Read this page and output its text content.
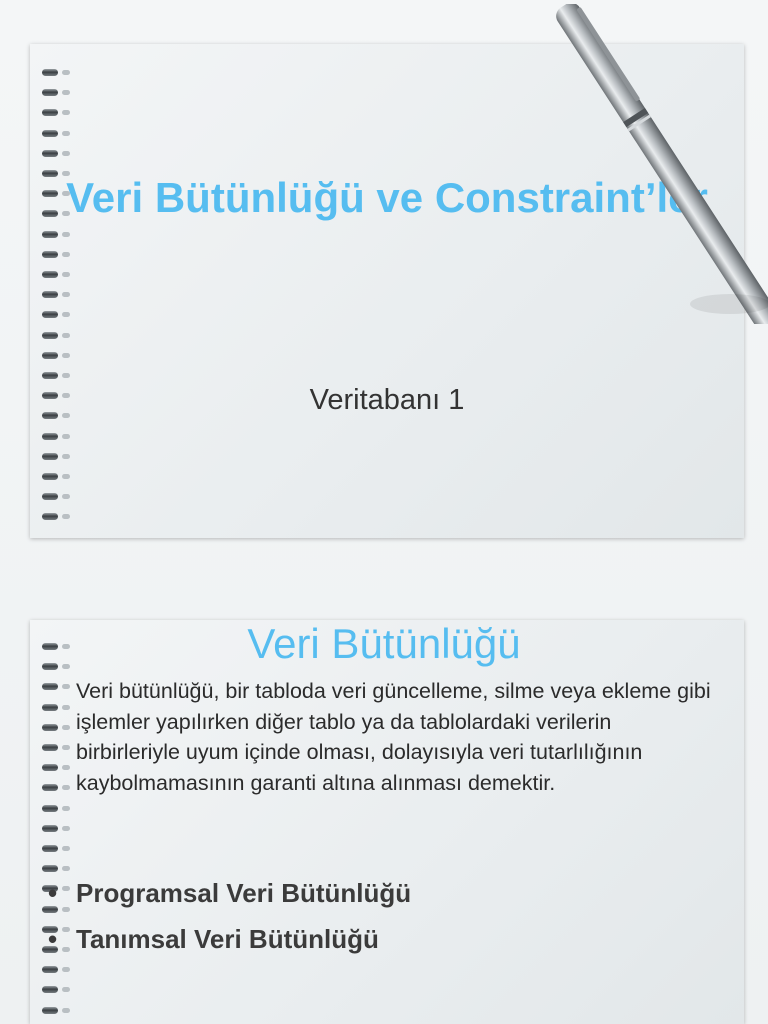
Veri Bütünlüğü ve Constraint’ler
Veritabanı 1
Veri Bütünlüğü
Veri bütünlüğü, bir tabloda veri güncelleme, silme veya ekleme gibi işlemler yapılırken diğer tablo ya da tablolardaki verilerin birbirleriyle uyum içinde olması, dolayısıyla veri tutarlılığının kaybolmamasının garanti altına alınması demektir.
• Programsal Veri Bütünlüğü
• Tanımsal Veri Bütünlüğü
